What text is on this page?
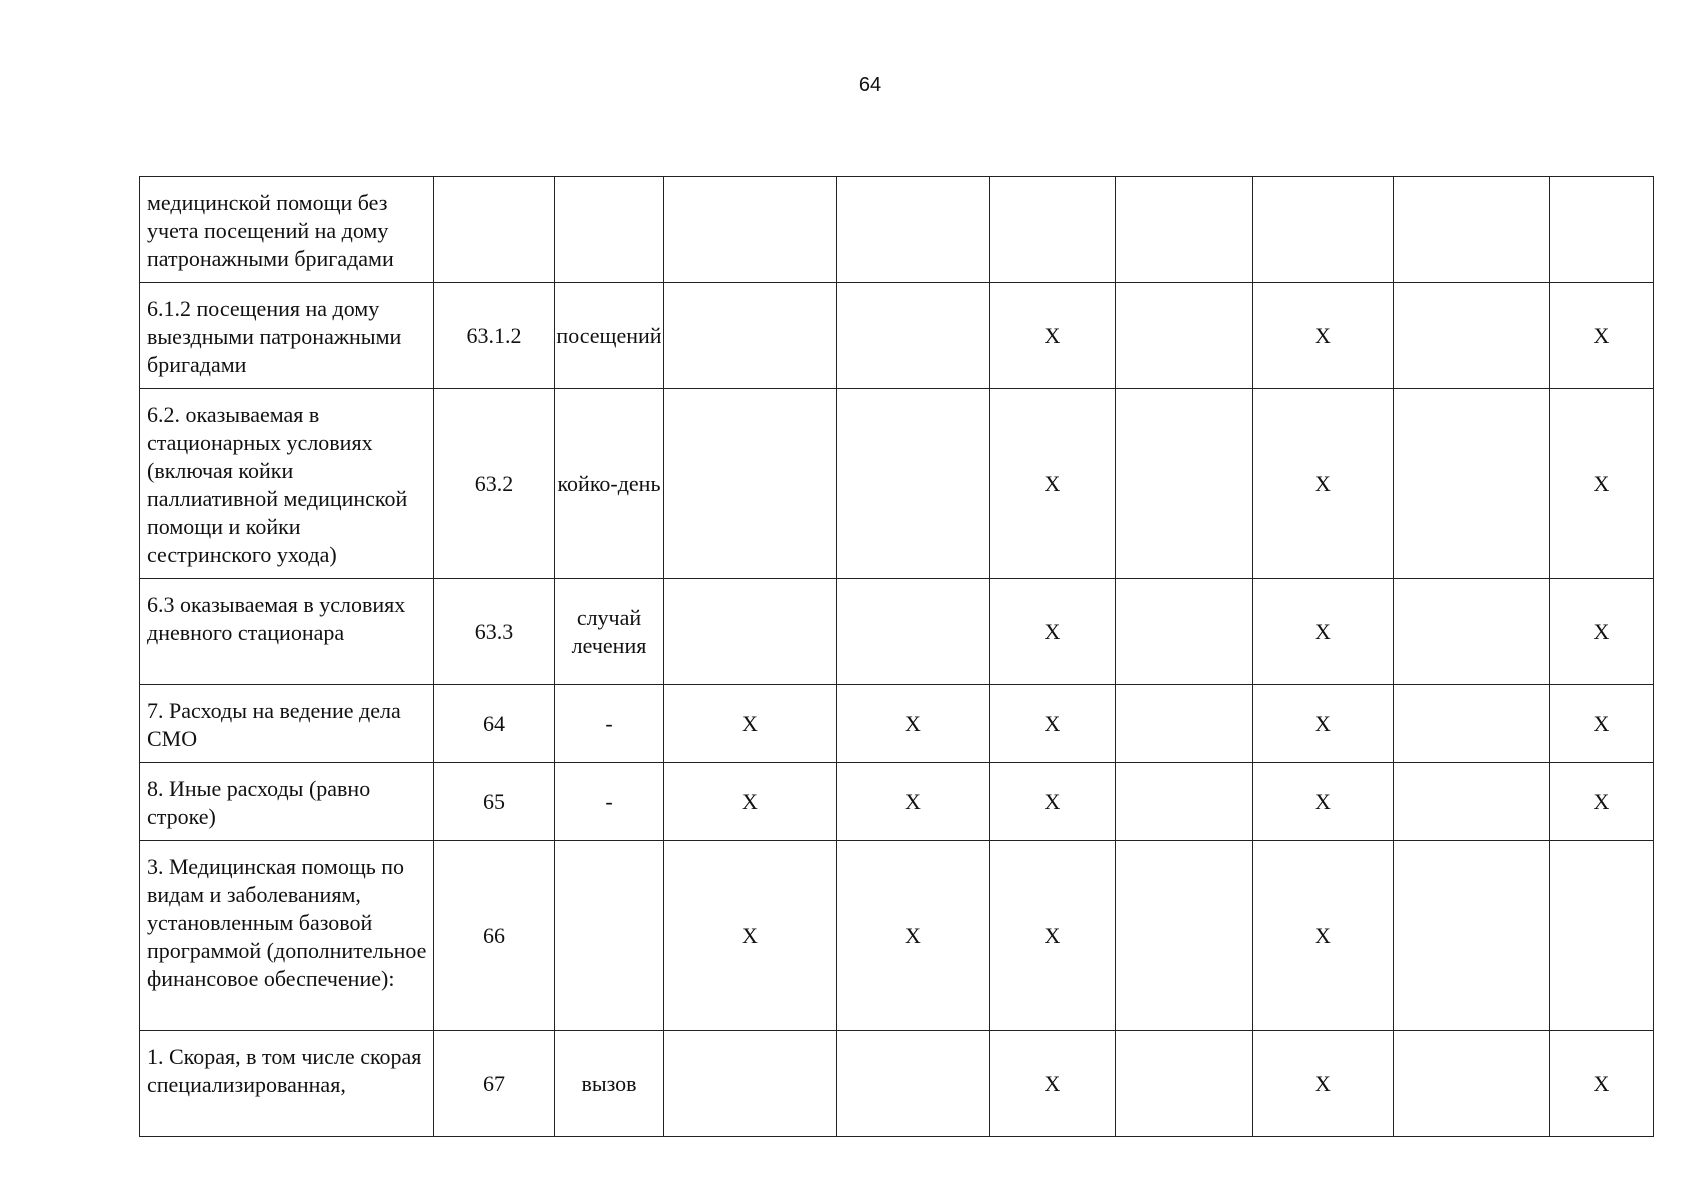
64
медицинской помощи без учета посещений на дому патронажными бригадами									
6.1.2 посещения на дому выездными патронажными бригадами	63.1.2	посещений			Х		Х		Х
6.2. оказываемая в стационарных условиях (включая койки паллиативной медицинской помощи и койки сестринского ухода)	63.2	койко-день			Х		Х		Х
6.3 оказываемая в условиях дневного стационара	63.3	случай лечения			Х		Х		Х
7. Расходы на ведение дела СМО	64	-	Х	Х	Х		Х		Х
8. Иные расходы (равно строке)	65	-	Х	Х	Х		Х		Х
3. Медицинская помощь по видам и заболеваниям, установленным базовой программой (дополнительное финансовое обеспечение):	66		Х	Х	Х		Х		
1. Скорая, в том числе скорая специализированная,	67	вызов			Х		Х		Х
